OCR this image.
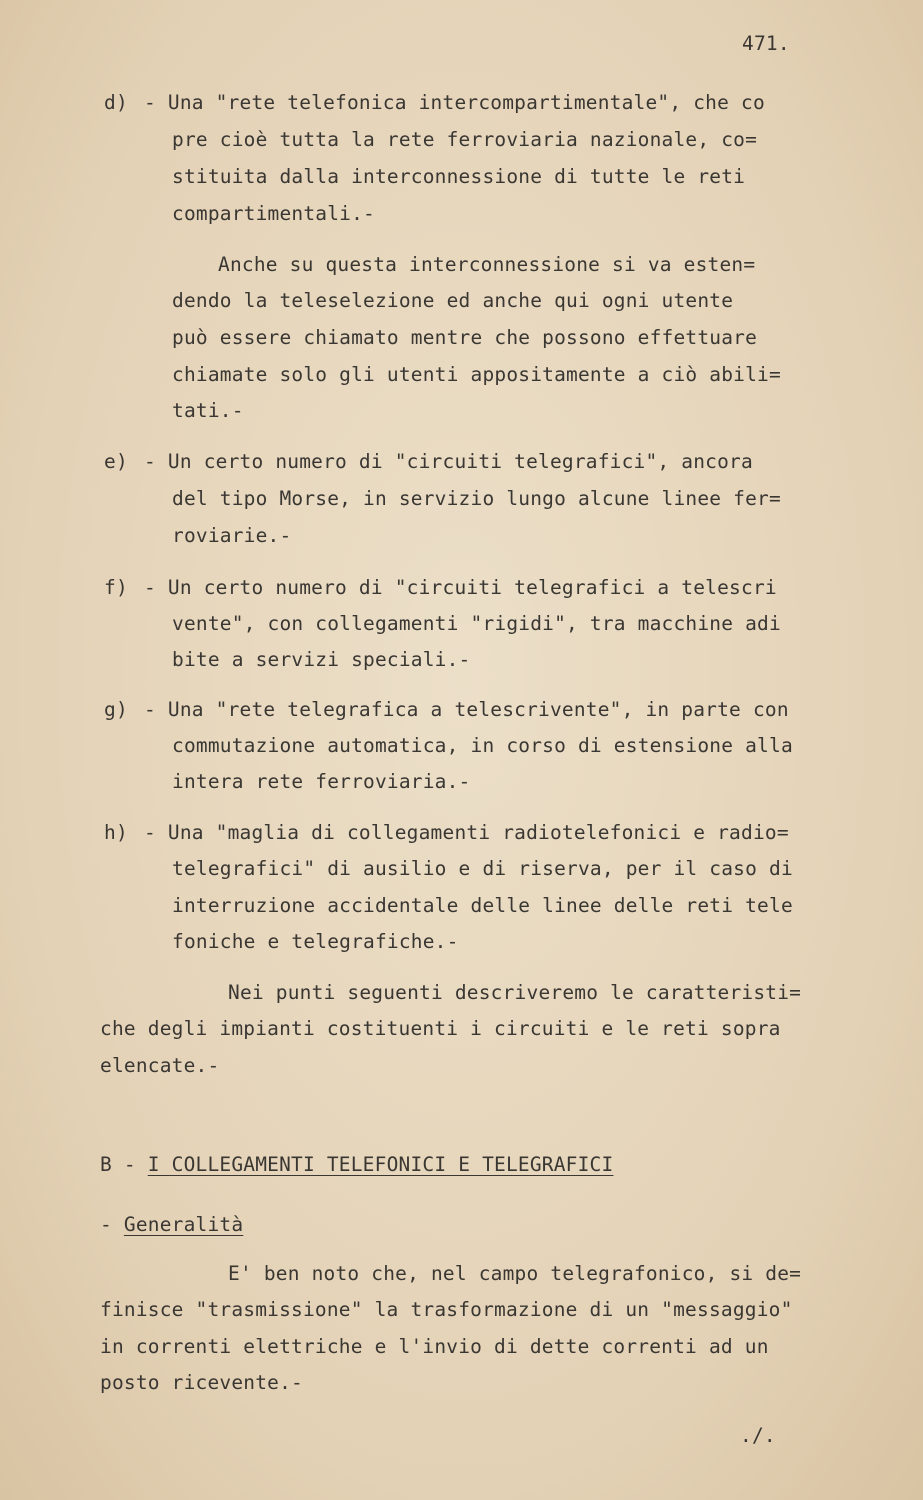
471.
d) - Una "rete telefonica intercompartimentale", che co
pre cioè tutta la rete ferroviaria nazionale, co=
stituita dalla interconnessione di tutte le reti
compartimentali.-
Anche su questa interconnessione si va esten=
dendo la teleselezione ed anche qui ogni utente
può essere chiamato mentre che possono effettuare
chiamate solo gli utenti appositamente a ciò abili=
tati.-
e) - Un certo numero di "circuiti telegrafici", ancora
del tipo Morse, in servizio lungo alcune linee fer=
roviarie.-
f) - Un certo numero di "circuiti telegrafici a telescri
vente", con collegamenti "rigidi", tra macchine adi
bite a servizi speciali.-
g) - Una "rete telegrafica a telescrivente", in parte con
commutazione automatica, in corso di estensione alla
intera rete ferroviaria.-
h) - Una "maglia di collegamenti radiotelefonici e radio=
telegrafici" di ausilio e di riserva, per il caso di
interruzione accidentale delle linee delle reti tele
foniche e telegrafiche.-
Nei punti seguenti descriveremo le caratteristi=
che degli impianti costituenti i circuiti e le reti sopra
elencate.-
B - I COLLEGAMENTI TELEFONICI E TELEGRAFICI
- Generalità
E' ben noto che, nel campo telegrafonico, si de=
finisce "trasmissione" la trasformazione di un "messaggio"
in correnti elettriche e l'invio di dette correnti ad un
posto ricevente.-
./.
